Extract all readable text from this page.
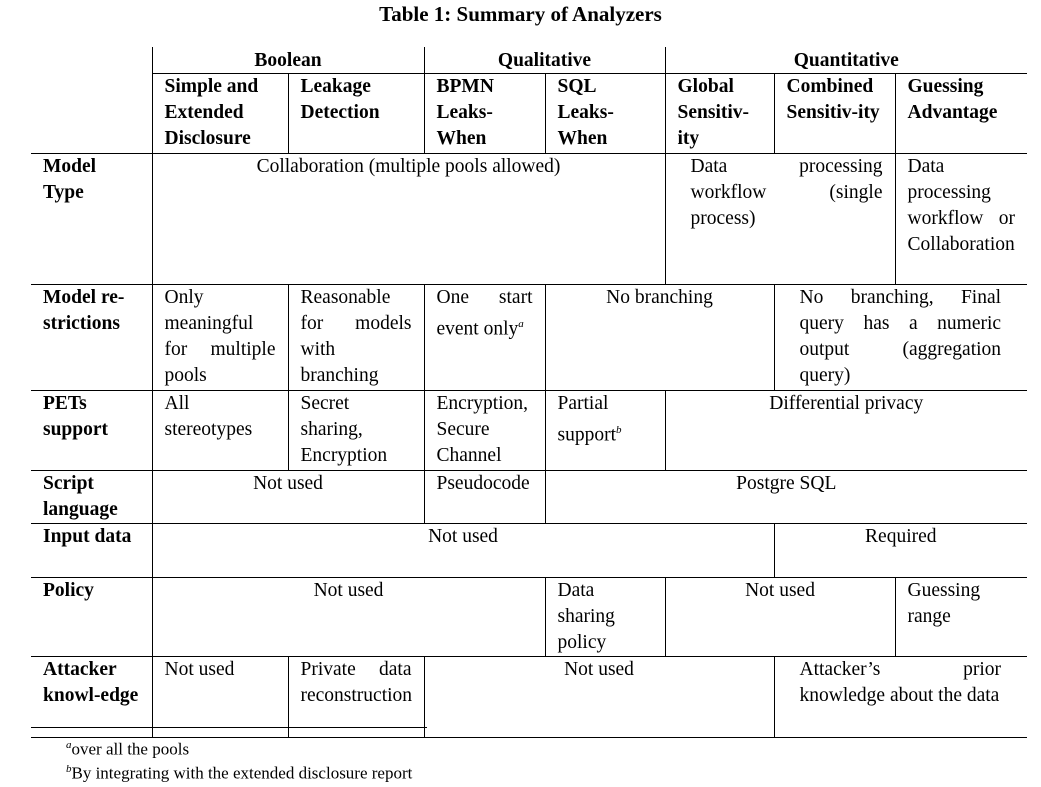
Table 1: Summary of Analyzers
	Boolean		Qualitative		Quantitative		
	Simple and Extended Disclosure	Leakage Detection	BPMN Leaks-When	SQL Leaks-When	Global Sensitiv-ity	Combined Sensitiv-ity	Guessing Advantage
Model Type	Collaboration (multiple pools allowed)				Data processing workflow (single process)		Data processing workflow or Collaboration
Model re-strictions	Only meaningful for multiple pools	Reasonable for models with branching	One start event only$^a$	No branching		No branching, Final query has a numeric output (aggregation query)	
PETs support	All stereotypes	Secret sharing, Encryption	Encryption, Secure Channel	Partial support$^b$	Differential privacy		
Script language	Not used		Pseudocode	Postgre SQL			
Input data	Not used					Required	
Policy	Not used			Data sharing policy	Not used		Guessing range
Attacker knowl-edge	Not used	Private data reconstruction	Not used			Attacker’s prior knowledge about the data	
$^a$over all the pools
$^b$By integrating with the extended disclosure report
